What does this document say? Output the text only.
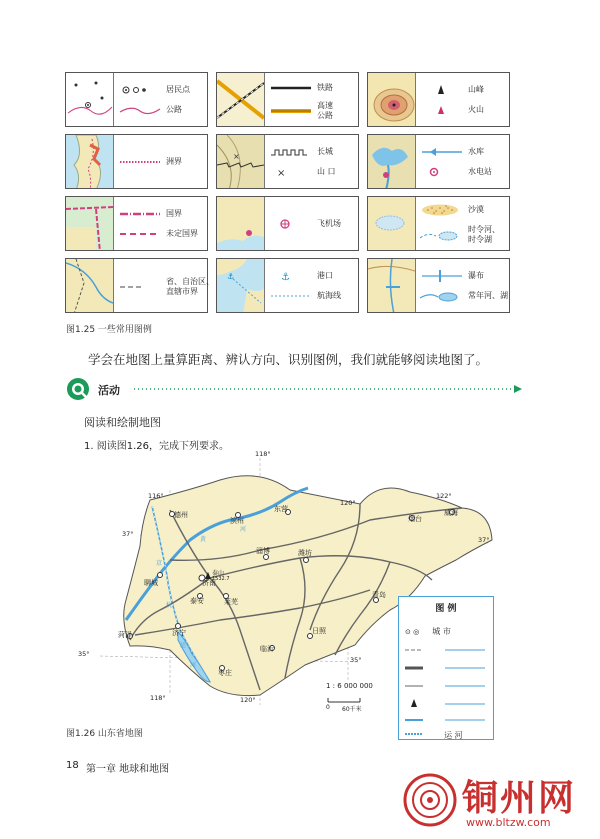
居民点
公路
铁路
高速
公路
山峰
火山
洲界
×
长城
×	山 口
水库
水电站
国界
未定国界
飞机场
沙漠
时令河、
时令湖
省、自治区、
直辖市界
⚓	⚓	港口
航海线
瀑布
常年河、湖
图1.25 一些常用图例
学会在地图上量算距离、辨认方向、识别图例，我们就能够阅读地图了。
活动
阅读和绘制地图
1. 阅读图1.26，完成下列要求。
118°
116°
120°
122°
118°	120°
37°
37°
35°
35°
德州
滨州
东营
烟台
威海
聊城	济南
淄博	潍坊
泰安	莱芜
青岛
菏泽	济宁	日照
临沂
枣庄
泰山
1532.7
黄
河
京
杭
运
河
1 : 6 000 000
0 60千米
图 例
⊙ ◎ 城 市
运 河
图1.26 山东省地图
18 第一章 地球和地图
铜州网
www.bltzw.com
